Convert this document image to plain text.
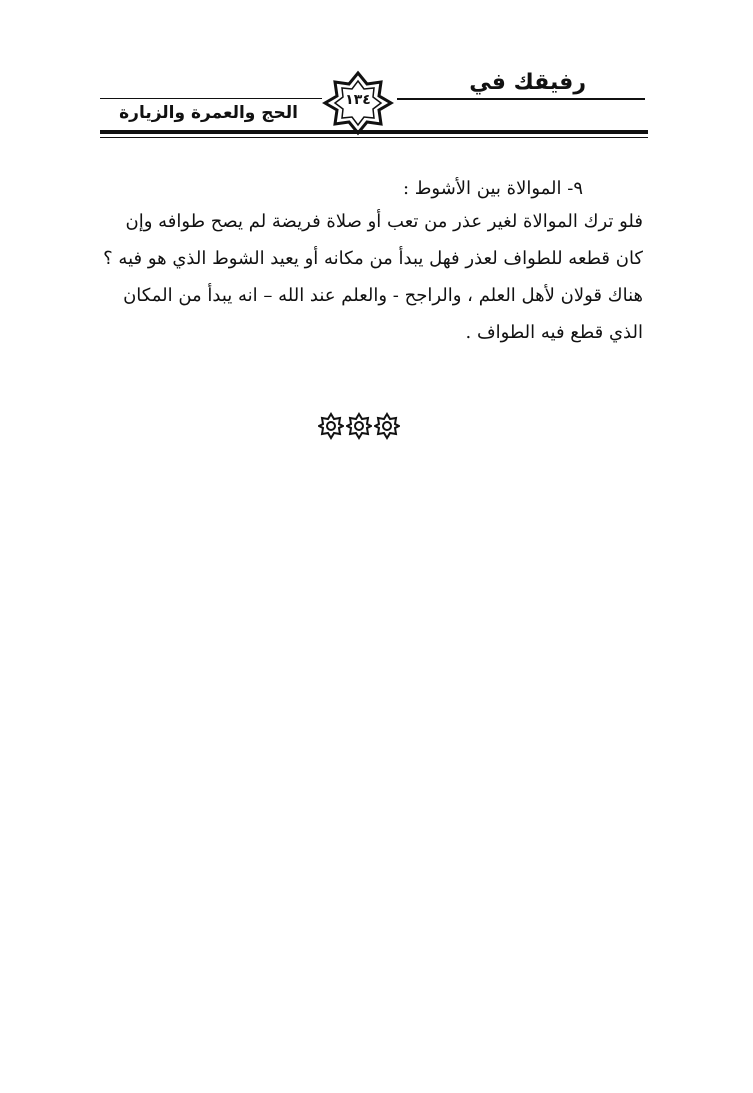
رفيقك في
١٣٤
الحج والعمرة والزيارة
٩- الموالاة بين الأشوط :
فلو ترك الموالاة لغير عذر من تعب أو صلاة فريضة لم يصح طوافه وإن
كان قطعه للطواف لعذر فهل يبدأ من مكانه أو يعيد الشوط الذي هو فيه ؟
هناك قولان لأهل العلم ، والراجح - والعلم عند الله – انه يبدأ من المكان
الذي قطع فيه الطواف .
